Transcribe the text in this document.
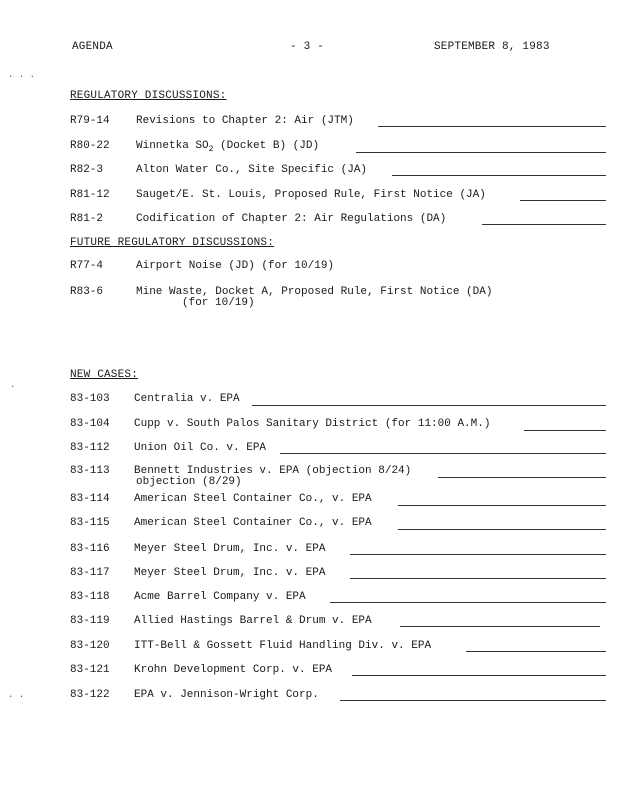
AGENDA	- 3 -	SEPTEMBER 8, 1983
. . .
.
. .
REGULATORY DISCUSSIONS:
R79-14 Revisions to Chapter 2: Air (JTM)
R80-22 Winnetka $SO_2$ (Docket B) (JD)
R82-3	Alton Water Co., Site Specific (JA)
R81-12 Sauget/E. St. Louis, Proposed Rule, First Notice (JA)
R81-2	Codification of Chapter 2: Air Regulations (DA)
FUTURE REGULATORY DISCUSSIONS:
R77-4	Airport Noise (JD) (for 10/19)
R83-6	Mine Waste, Docket A, Proposed Rule, First Notice (DA)
(for 10/19)
NEW CASES:
83-103 Centralia v. EPA
83-104 Cupp v. South Palos Sanitary District (for 11:00 A.M.)
83-112 Union Oil Co. v. EPA
83-113 Bennett Industries v. EPA (objection 8/24)
objection (8/29)
83-114 American Steel Container Co., v. EPA
83-115 American Steel Container Co., v. EPA
83-116 Meyer Steel Drum, Inc. v. EPA
83-117 Meyer Steel Drum, Inc. v. EPA
83-118 Acme Barrel Company v. EPA
83-119 Allied Hastings Barrel & Drum v. EPA
83-120 ITT-Bell & Gossett Fluid Handling Div. v. EPA
83-121 Krohn Development Corp. v. EPA
83-122 EPA v. Jennison-Wright Corp.
